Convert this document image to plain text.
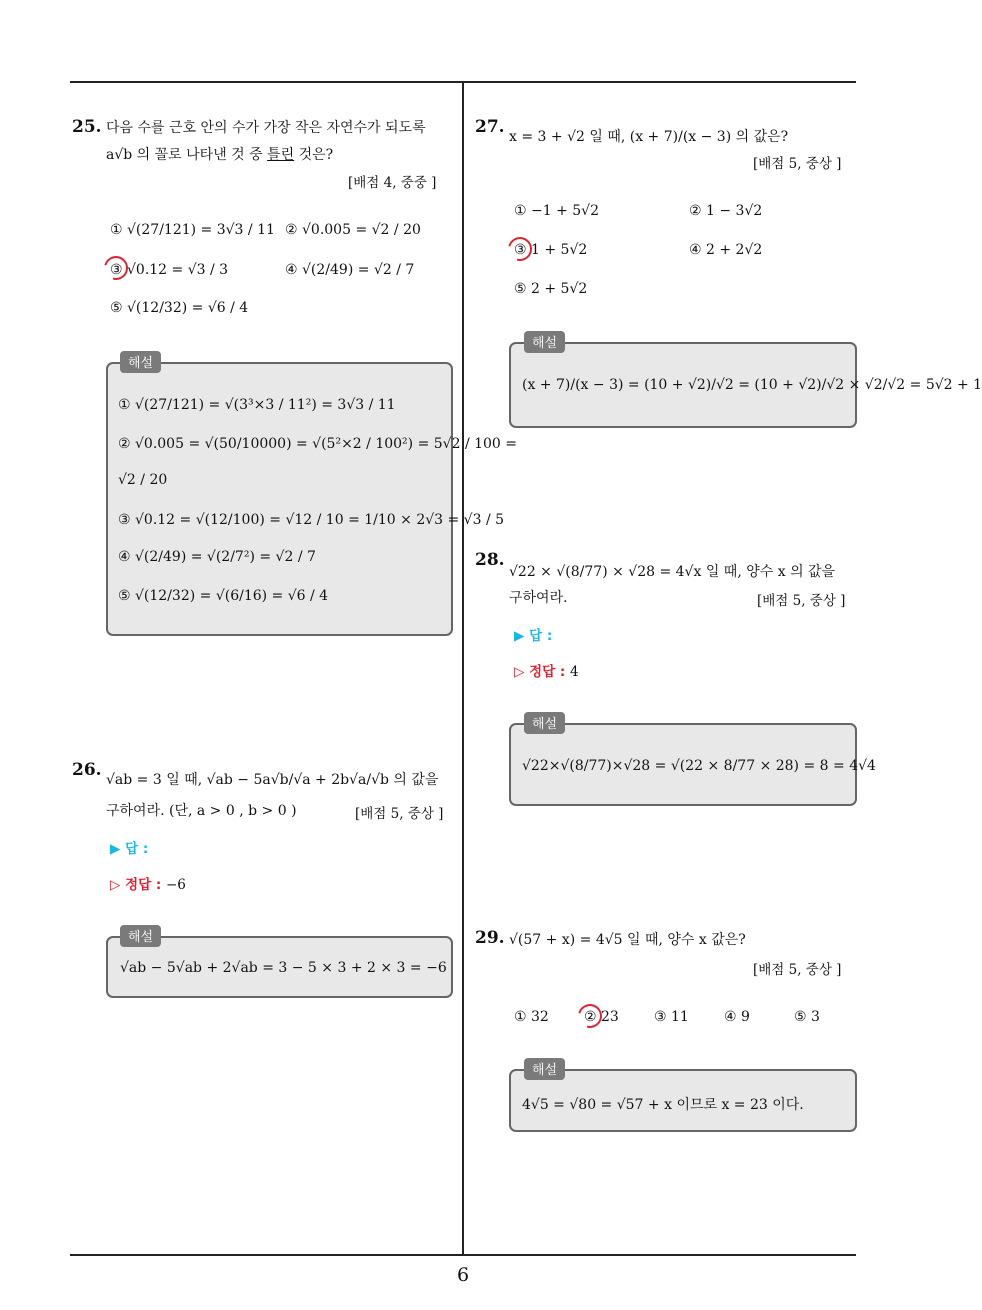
6
25. 다음 수를 근호 안의 수가 가장 작은 자연수가 되도록
a√b 의 꼴로 나타낸 것 중 틀린 것은?
[배점 4, 중중 ]
① √(27/121) = 3√3 / 11 ② √0.005 = √2 / 20
③ √0.12 = √3 / 3	④ √(2/49) = √2 / 7
⑤ √(12/32) = √6 / 4
해설
① √(27/121) = √(3³×3 / 11²) = 3√3 / 11
② √0.005 = √(50/10000) = √(5²×2 / 100²) = 5√2 / 100 =
√2 / 20
③ √0.12 = √(12/100) = √12 / 10 = 1/10 × 2√3 = √3 / 5
④ √(2/49) = √(2/7²) = √2 / 7
⑤ √(12/32) = √(6/16) = √6 / 4
26. √ab = 3 일 때, √ab − 5a√b/√a + 2b√a/√b 의 값을
구하여라. (단, a > 0 , b > 0 )	[배점 5, 중상 ]
▶ 답 :
▷ 정답 : −6
해설
√ab − 5√ab + 2√ab = 3 − 5 × 3 + 2 × 3 = −6
27. x = 3 + √2 일 때, (x + 7)/(x − 3) 의 값은?
[배점 5, 중상 ]
① −1 + 5√2	② 1 − 3√2
③ 1 + 5√2	④ 2 + 2√2
⑤ 2 + 5√2
해설
(x + 7)/(x − 3) = (10 + √2)/√2 = (10 + √2)/√2 × √2/√2 = 5√2 + 1
28.
√22 × √(8/77) × √28 = 4√x 일 때, 양수 x 의 값을
구하여라.	[배점 5, 중상 ]
▶ 답 :
▷ 정답 : 4
해설
√22×√(8/77)×√28 = √(22 × 8/77 × 28) = 8 = 4√4
29. √(57 + x) = 4√5 일 때, 양수 x 값은?
[배점 5, 중상 ]
① 32	② 23	③ 11	④ 9	⑤ 3
해설
4√5 = √80 = √57 + x 이므로 x = 23 이다.
